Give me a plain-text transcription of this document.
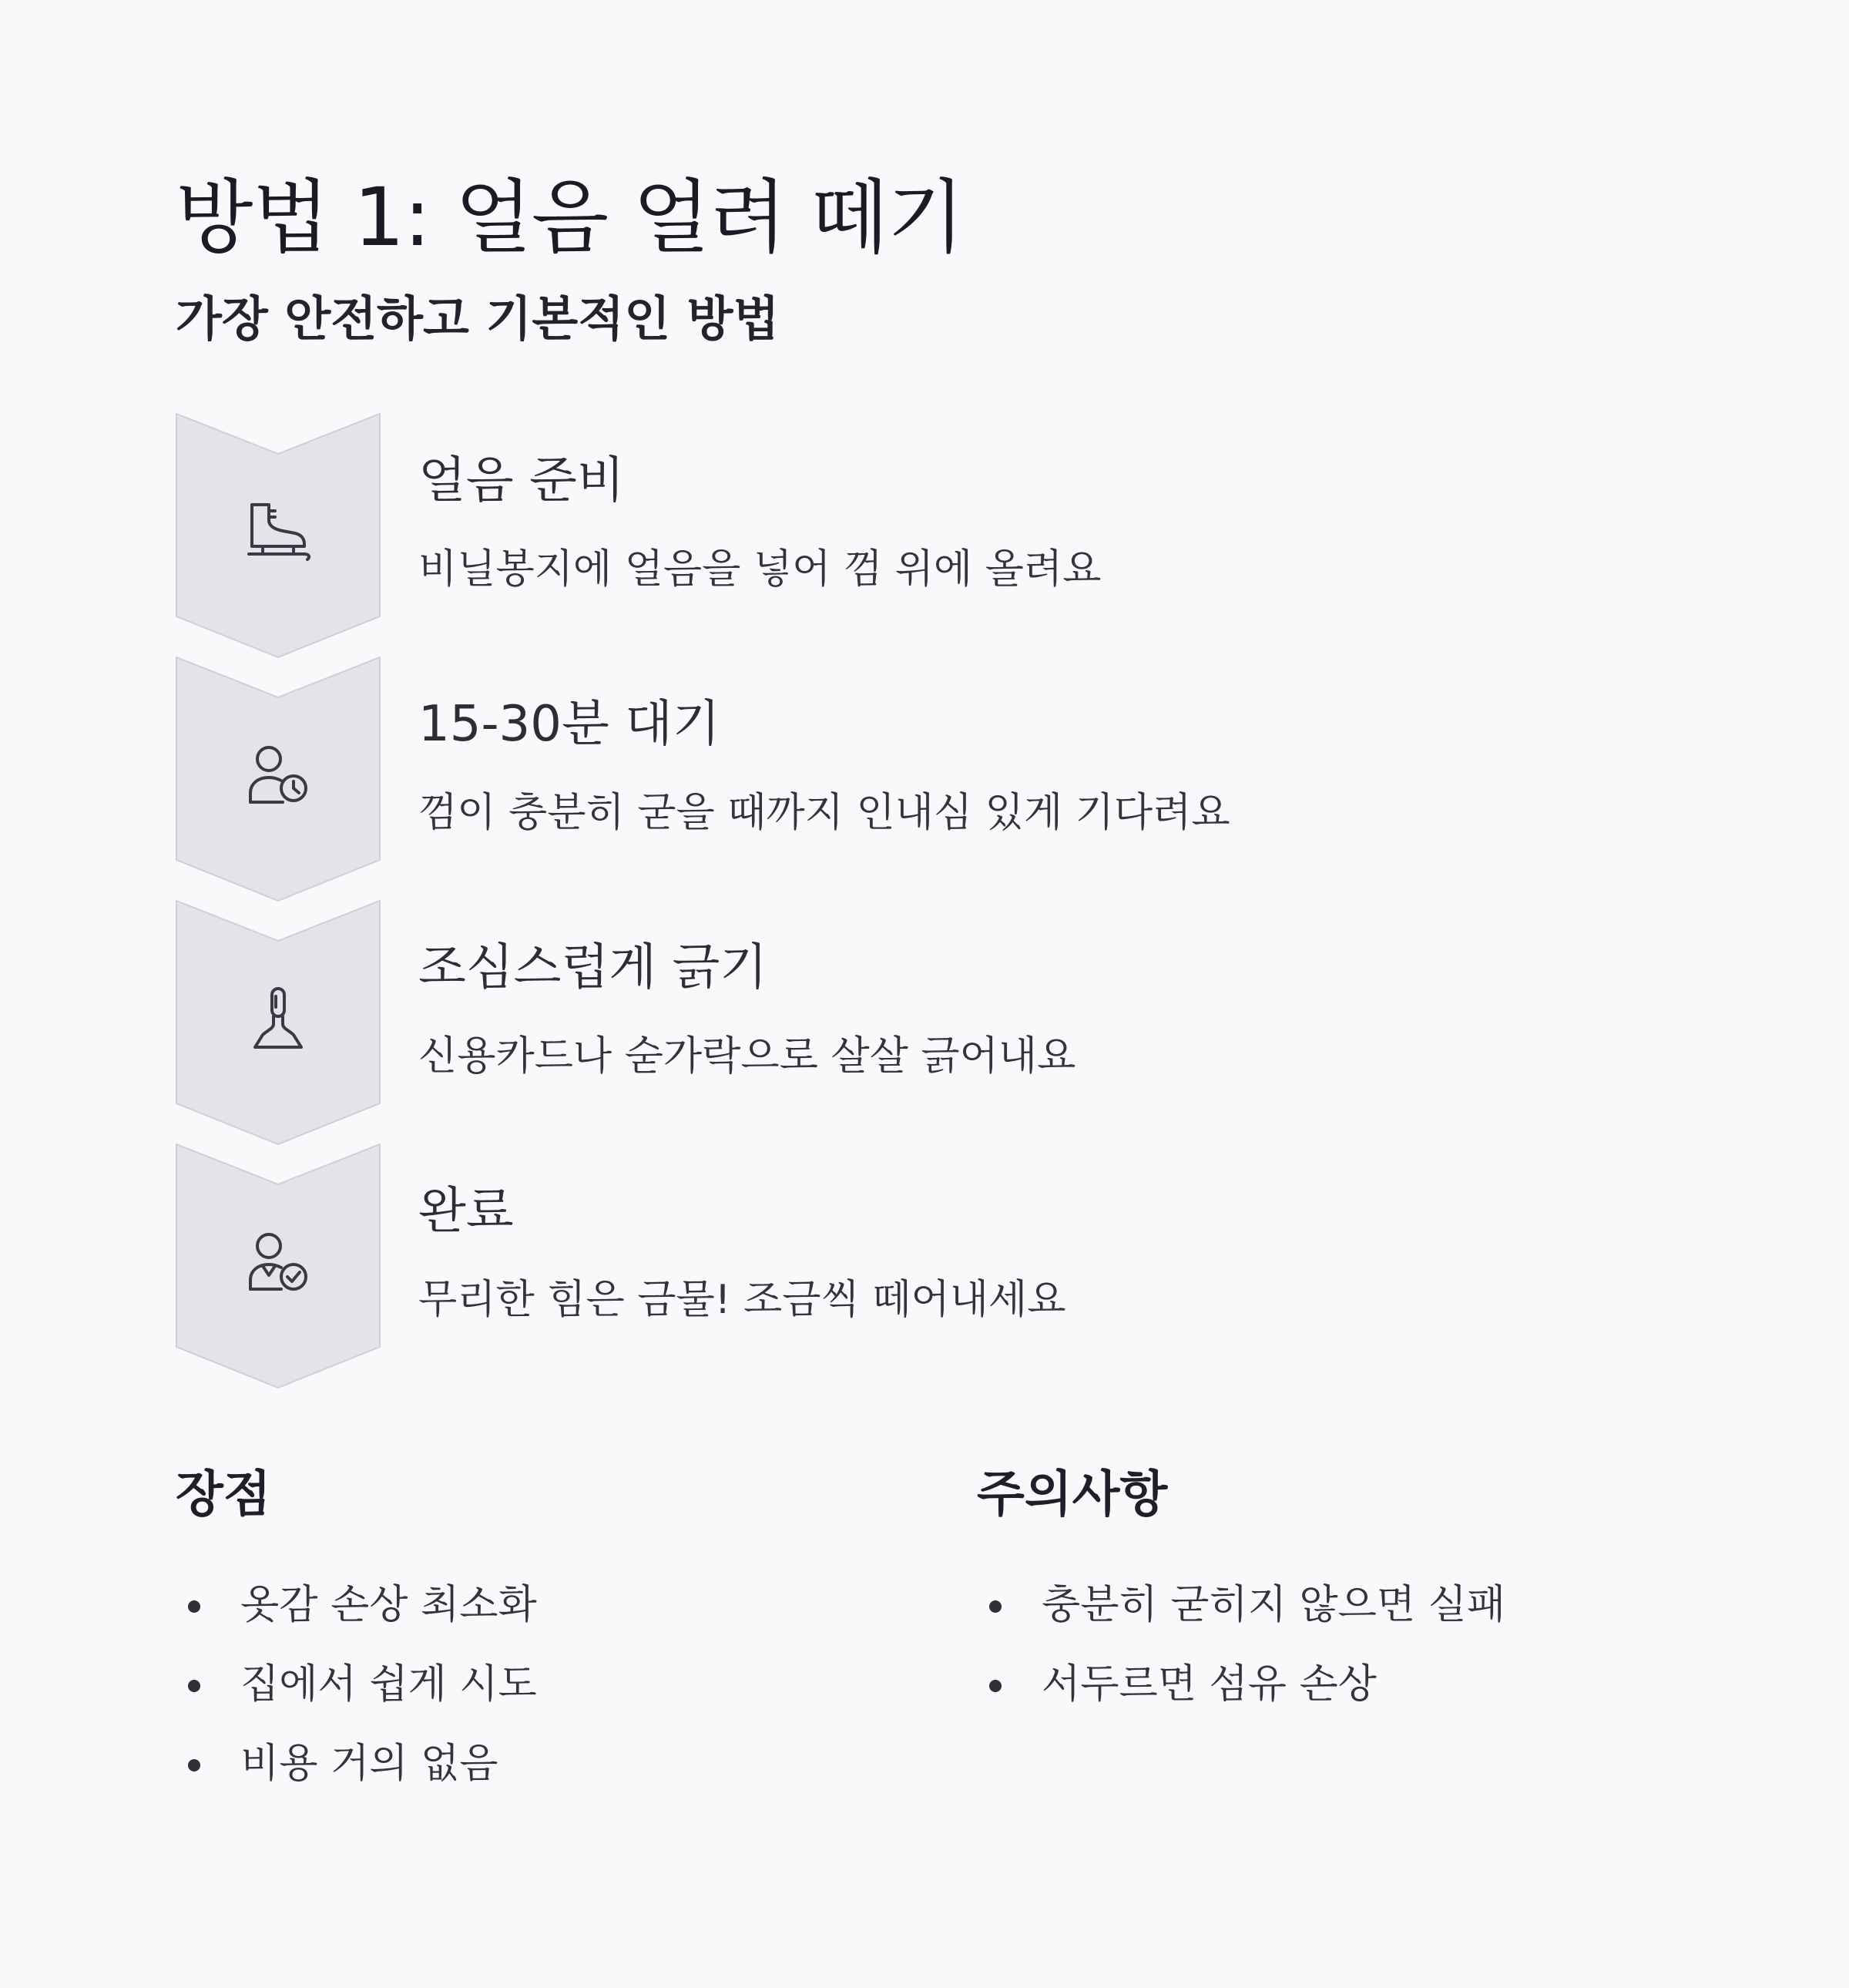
방법 1: 얼음 얼려 떼기
가장 안전하고 기본적인 방법
얼음 준비
비닐봉지에 얼음을 넣어 껌 위에 올려요
15-30분 대기
껌이 충분히 굳을 때까지 인내심 있게 기다려요
조심스럽게 긁기
신용카드나 숟가락으로 살살 긁어내요
완료
무리한 힘은 금물! 조금씩 떼어내세요
장점
옷감 손상 최소화
집에서 쉽게 시도
비용 거의 없음
주의사항
충분히 굳히지 않으면 실패
서두르면 섬유 손상
